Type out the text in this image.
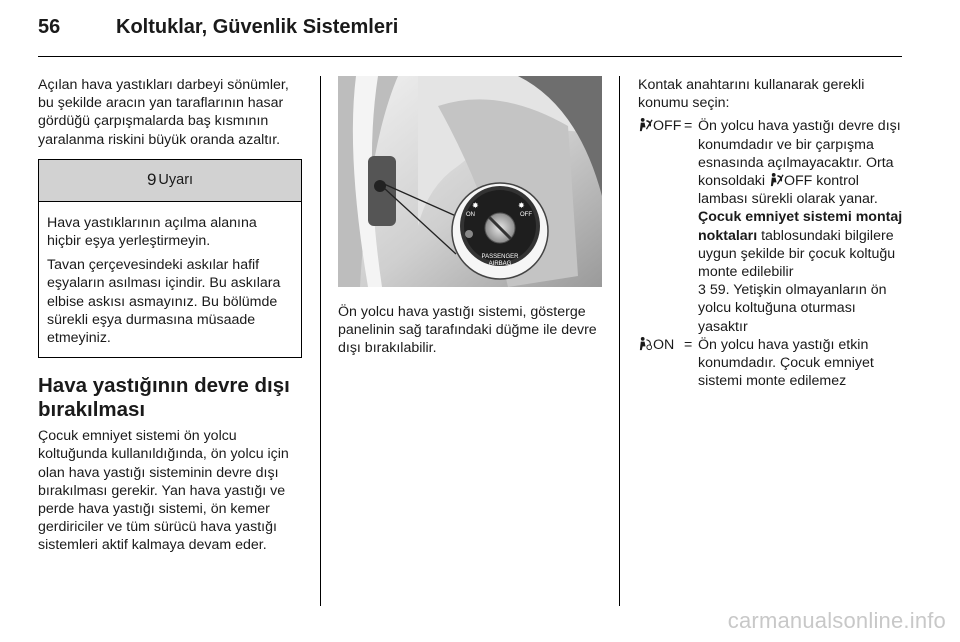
56	Koltuklar, Güvenlik Sistemleri

Açılan hava yastıkları darbeyi sönümler, bu şekilde aracın yan taraflarının hasar gördüğü çarpışmalarda baş kısmının yaralanma riskini büyük oranda azaltır.

9 Uyarı

Hava yastıklarının açılma alanına hiçbir eşya yerleştirmeyin.

Tavan çerçevesindeki askılar hafif eşyaların asılması içindir. Bu askılara elbise askısı asmayınız. Bu bölümde sürekli eşya durmasına müsaade etmeyiniz.

Hava yastığının devre dışı bırakılması

Çocuk emniyet sistemi ön yolcu koltuğunda kullanıldığında, ön yolcu için olan hava yastığı sisteminin devre dışı bırakılması gerekir. Yan hava yastığı ve perde hava yastığı sistemi, ön kemer gerdiriciler ve tüm sürücü hava yastığı sistemleri aktif kalmaya devam eder.

✸
ON
✸
OFF
PASSENGER
AIRBAG

Ön yolcu hava yastığı sistemi, gösterge panelinin sağ tarafındaki düğme ile devre dışı bırakılabilir.

Kontak anahtarını kullanarak gerekli konumu seçin:

OFF = Ön yolcu hava yastığı devre dışı konumdadır ve bir çarpışma esnasında açılmayacaktır. Orta konsoldaki OFF kontrol lambası sürekli olarak yanar. Çocuk emniyet sistemi montaj noktaları tablosundaki bilgilere uygun şekilde bir çocuk koltuğu monte edilebilir
3 59. Yetişkin olmayanların ön yolcu koltuğuna oturması yasaktır
ON = Ön yolcu hava yastığı etkin konumdadır. Çocuk emniyet sistemi monte edilemez
carmanualsonline.info
